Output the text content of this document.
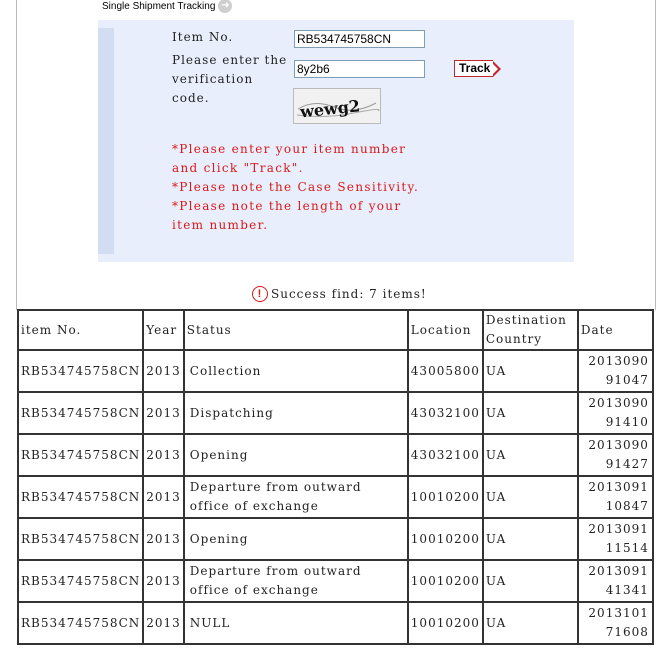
Single Shipment Tracking ➜
Item No.
RB534745758CN
Please enter the verification code.
8y2b6
Track
wewg2
*Please enter your item number and click "Track".
*Please note the Case Sensitivity.
*Please note the length of your item number.
! Success find: 7 items!
item No.	Year	Status	Location	Destination Country	Date
RB534745758CN	2013	Collection	43005800	UA	201309091047
RB534745758CN	2013	Dispatching	43032100	UA	201309091410
RB534745758CN	2013	Opening	43032100	UA	201309091427
RB534745758CN	2013	Departure from outward office of exchange	10010200	UA	201309110847
RB534745758CN	2013	Opening	10010200	UA	201309111514
RB534745758CN	2013	Departure from outward office of exchange	10010200	UA	201309141341
RB534745758CN	2013	NULL	10010200	UA	201310171608
